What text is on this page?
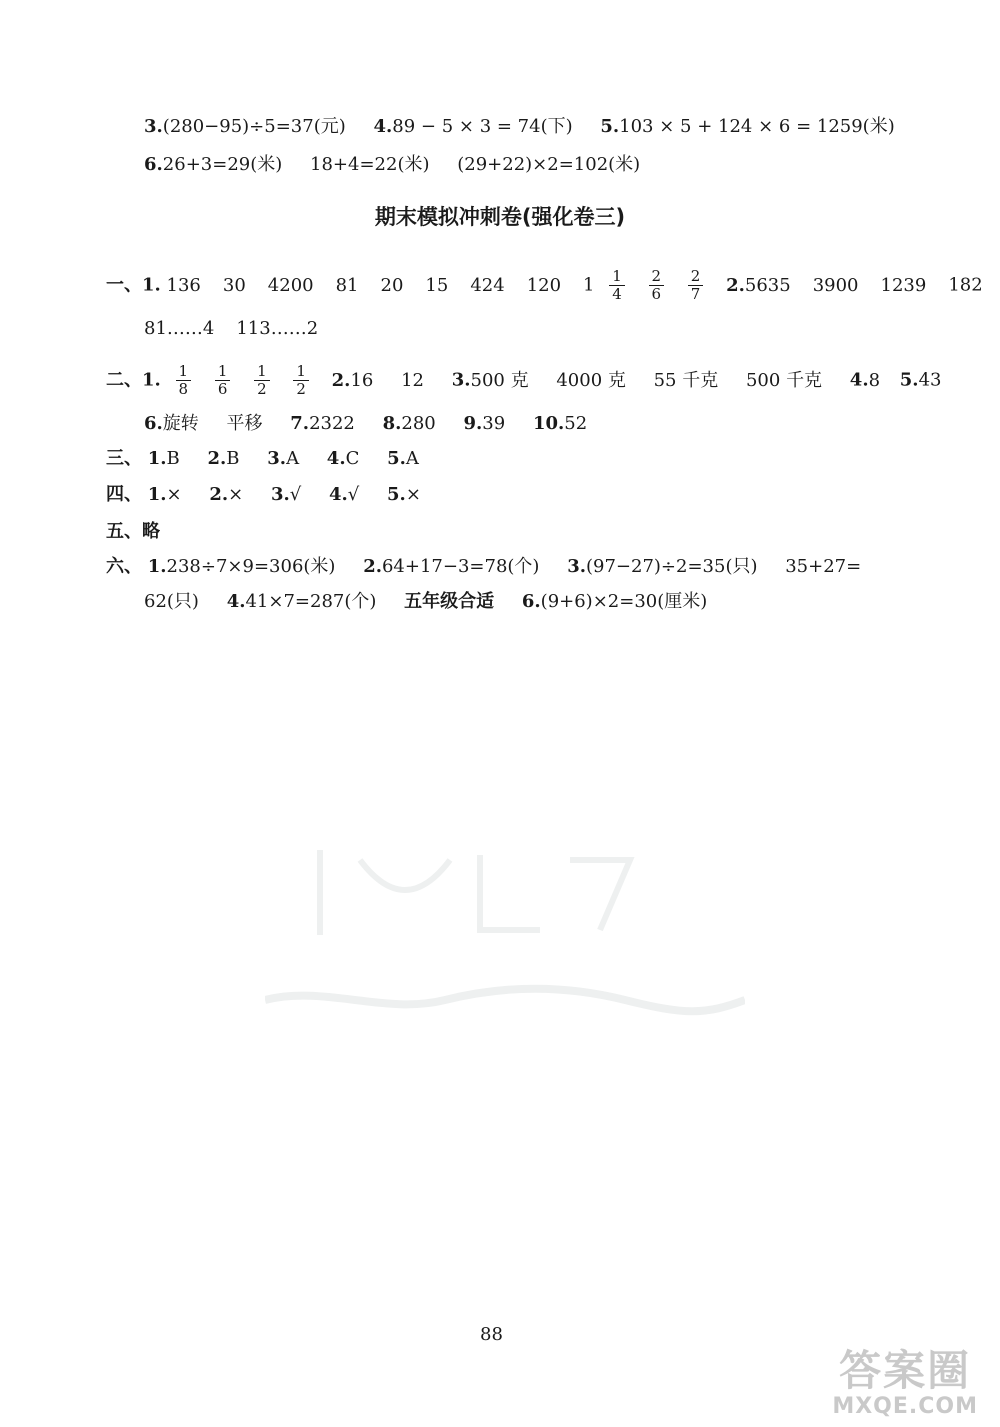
3.(280−95)÷5=37(元) 4.89 − 5 × 3 = 74(下) 5.103 × 5 + 124 × 6 = 1259(米)
6.26+3=29(米) 18+4=22(米) (29+22)×2=102(米)
期末模拟冲刺卷(强化卷三)
一、1. 136 30 4200 81 20 15 424 120 $1 \frac{1}{4}$
$\frac{2}{6}$
$\frac{2}{7} 2.5635$ 3900 1239 182
81……4 113……2
二、1. $\frac{1}{8}$
$\frac{1}{6}$
$\frac{1}{2}$
$\frac{1}{2} 2.16$ 12 3.500 克 4000 克 55 千克 500 千克 4.8 5.43
6.旋转 平移 7.2322 8.280 9.39 10.52
三、 1.B 2.B 3.A 4.C 5.A
四、 1.× 2.× 3.√ 4.√ 5.×
五、略
六、 1.238÷7×9=306(米) 2.64+17−3=78(个) 3.(97−27)÷2=35(只) 35+27=
62(只) 4.41×7=287(个) 五年级合适 6.(9+6)×2=30(厘米)
88
答案圈
MXQE.COM
